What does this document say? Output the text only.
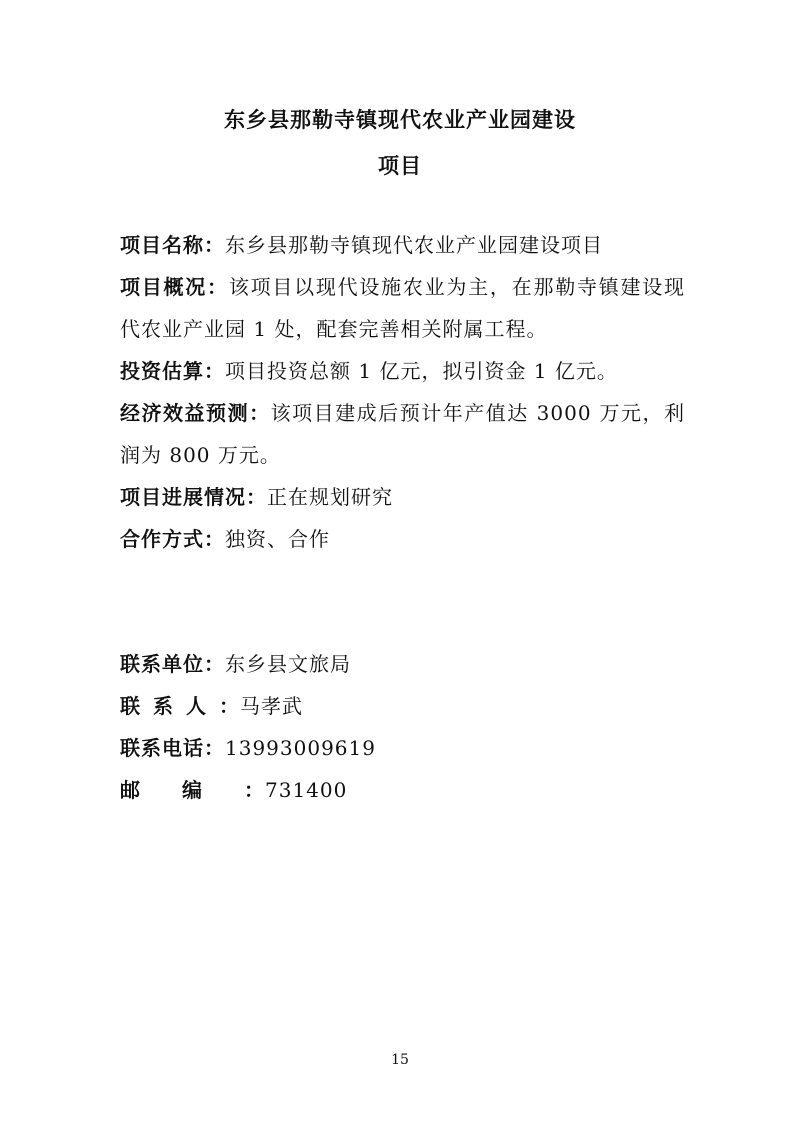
东乡县那勒寺镇现代农业产业园建设
项目

项目名称：东乡县那勒寺镇现代农业产业园建设项目

项目概况：该项目以现代设施农业为主，在那勒寺镇建设现代农业产业园 1 处，配套完善相关附属工程。

投资估算：项目投资总额 1 亿元，拟引资金 1 亿元。

经济效益预测：该项目建成后预计年产值达 3000 万元，利润为 800 万元。

项目进展情况：正在规划研究

合作方式：独资、合作

联系单位：东乡县文旅局

联系人：马孝武

联系电话：13993009619

邮编：731400

15
